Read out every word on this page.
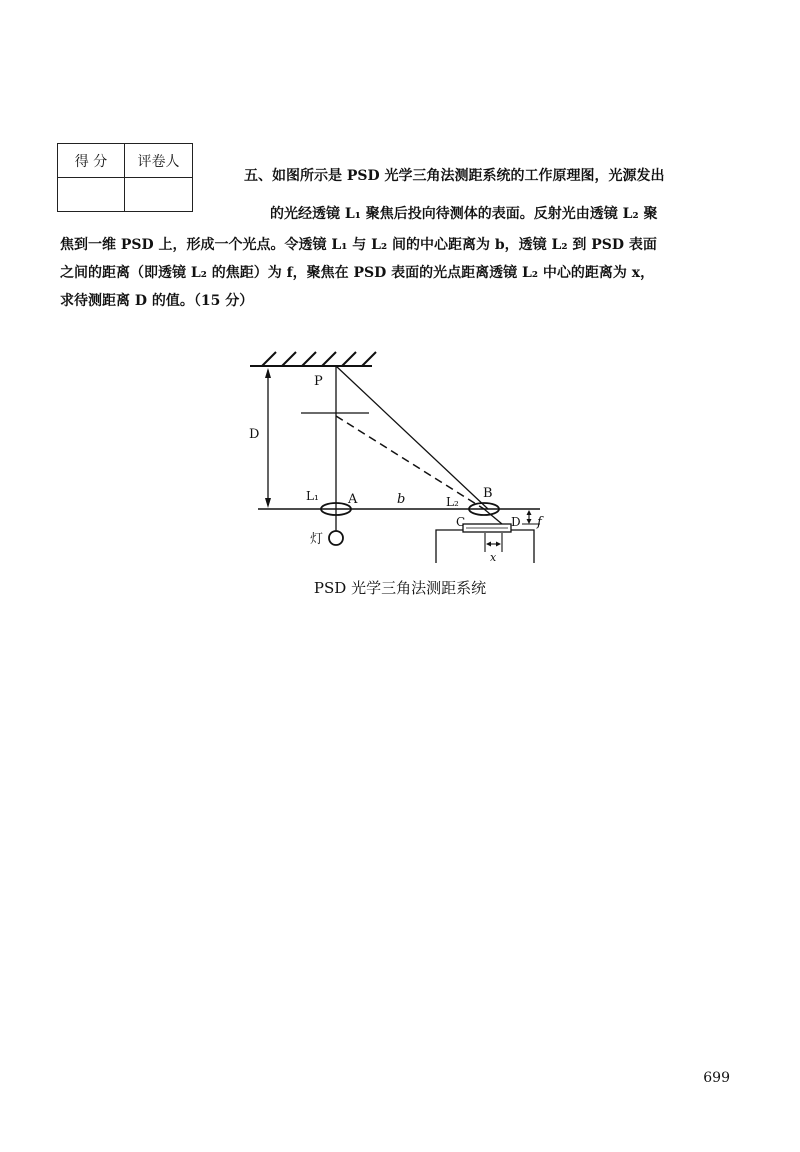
得 分	评卷人

五、如图所示是 PSD 光学三角法测距系统的工作原理图，光源发出
的光经透镜 L₁ 聚焦后投向待测体的表面。反射光由透镜 L₂ 聚
焦到一维 PSD 上，形成一个光点。令透镜 L₁ 与 L₂ 间的中心距离为 b，透镜 L₂ 到 PSD 表面
之间的距离（即透镜 L₂ 的焦距）为 f，聚焦在 PSD 表面的光点距离透镜 L₂ 中心的距离为 x，
求待测距离 D 的值。（15 分）
P
D
L₁ A	b	L₂
B
C	D f
x
灯
PSD 光学三角法测距系统
699
